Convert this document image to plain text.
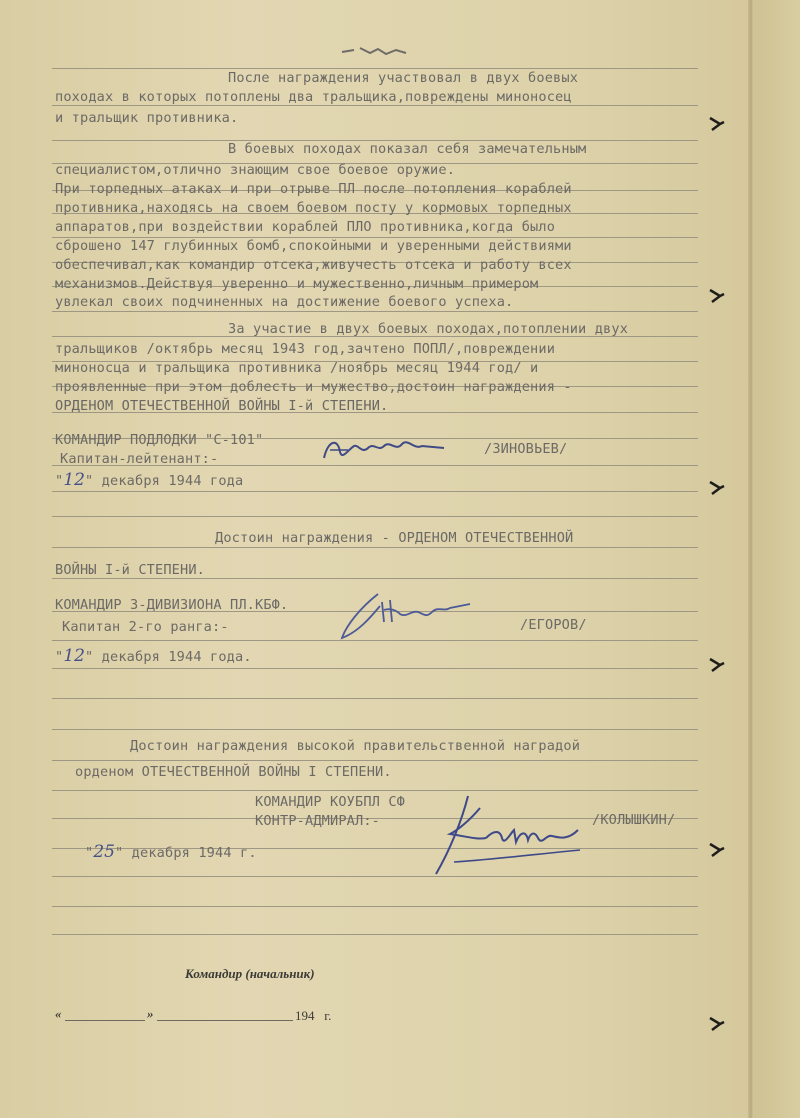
После награждения участвовал в двух боевых
походах в которых потоплены два тральщика,повреждены миноносец
и тральщик противника.
В боевых походах показал себя замечательным
специалистом,отлично знающим свое боевое оружие.
При торпедных атаках и при отрыве ПЛ после потопления кораблей
противника,находясь на своем боевом посту у кормовых торпедных
аппаратов,при воздействии кораблей ПЛО противника,когда было
сброшено 147 глубинных бомб,спокойными и уверенными действиями
обеспечивал,как командир отсека,живучесть отсека и работу всех
механизмов.Действуя уверенно и мужественно,личным примером
увлекал своих подчиненных на достижение боевого успеха.
За участие в двух боевых походах,потоплении двух
тральщиков /октябрь месяц 1943 год,зачтено ПОПЛ/,повреждении
миноносца и тральщика противника /ноябрь месяц 1944 год/ и
проявленные при этом доблесть и мужество,достоин награждения -
ОРДЕНОМ ОТЕЧЕСТВЕННОЙ ВОЙНЫ I-й СТЕПЕНИ.
КОМАНДИР ПОДЛОДКИ "С-101"
Капитан-лейтенант:-
/ЗИНОВЬЕВ/
"12" декабря 1944 года
Достоин награждения - ОРДЕНОМ ОТЕЧЕСТВЕННОЙ
ВОЙНЫ I-й СТЕПЕНИ.
КОМАНДИР 3-ДИВИЗИОНА ПЛ.КБФ.
Капитан 2-го ранга:-	/ЕГОРОВ/
"12" декабря 1944 года.
Достоин награждения высокой правительственной наградой
орденом ОТЕЧЕСТВЕННОЙ ВОЙНЫ I СТЕПЕНИ.
КОМАНДИР КОУБПЛ СФ
КОНТР-АДМИРАЛ:-	/КОЛЫШКИН/
"25" декабря 1944 г.
Командир (начальник)
«	»	194   г.
